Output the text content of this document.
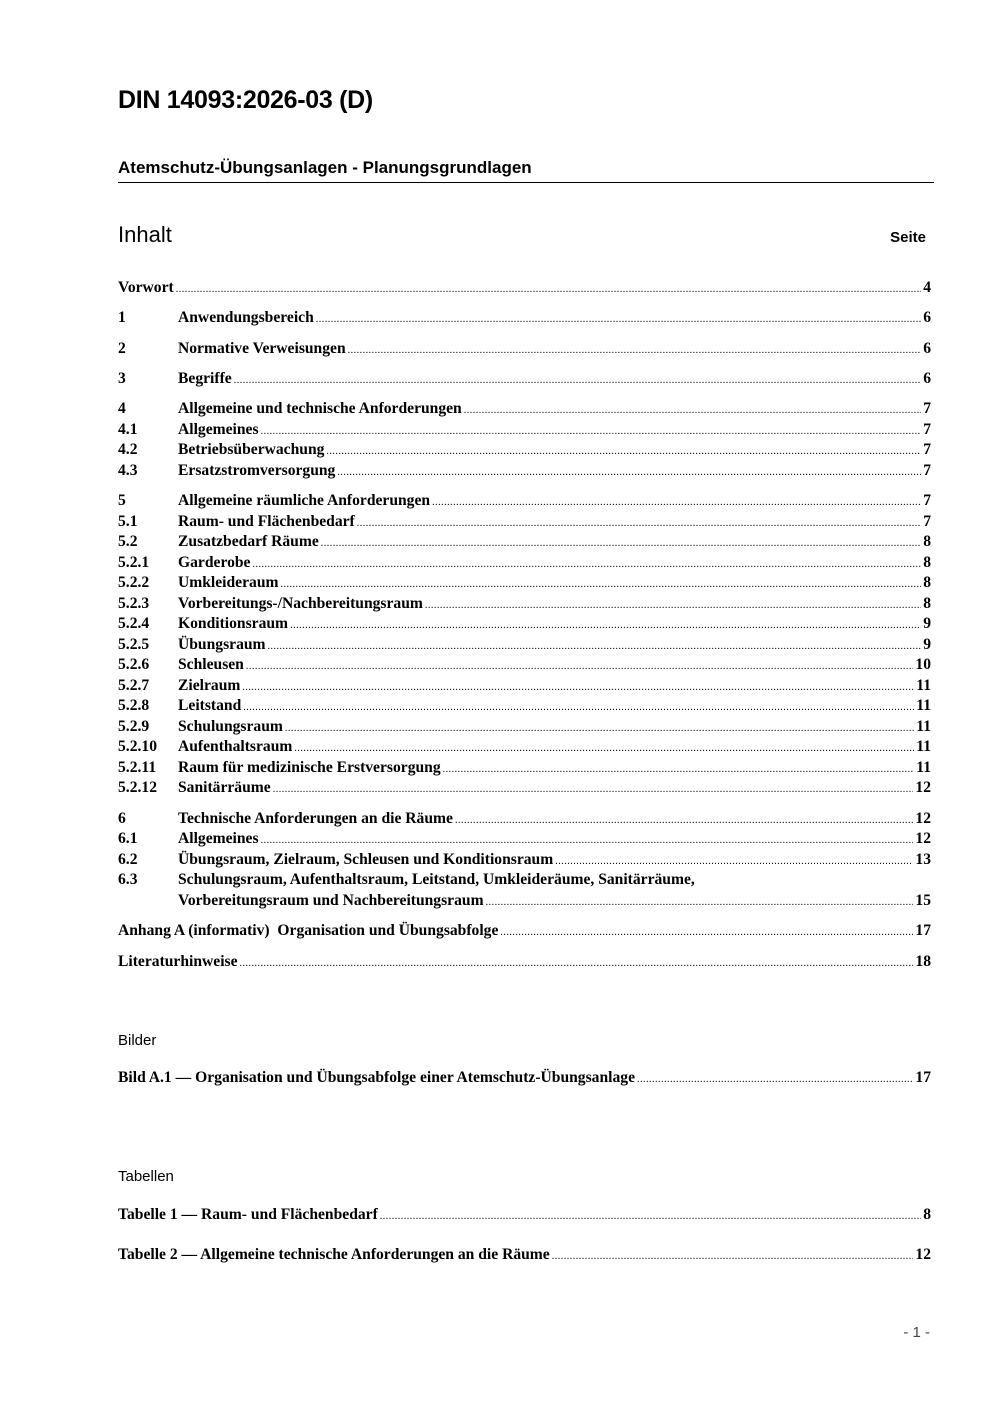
DIN 14093:2026-03 (D)
Atemschutz-Übungsanlagen - Planungsgrundlagen
Inhalt	Seite
Vorwort .....	4
1	Anwendungsbereich .....	6
2	Normative Verweisungen .....	6
3	Begriffe .....	6
4	Allgemeine und technische Anforderungen .....	7
4.1	Allgemeines .....	7
4.2	Betriebsüberwachung .....	7
4.3	Ersatzstromversorgung .....	7
5	Allgemeine räumliche Anforderungen .....	7
5.1	Raum- und Flächenbedarf .....	7
5.2	Zusatzbedarf Räume .....	8
5.2.1	Garderobe .....	8
5.2.2	Umkleideraum .....	8
5.2.3	Vorbereitungs-/Nachbereitungsraum .....	8
5.2.4	Konditionsraum .....	9
5.2.5	Übungsraum .....	9
5.2.6	Schleusen .....	10
5.2.7	Zielraum .....	11
5.2.8	Leitstand .....	11
5.2.9	Schulungsraum .....	11
5.2.10	Aufenthaltsraum .....	11
5.2.11	Raum für medizinische Erstversorgung .....	11
5.2.12	Sanitärräume .....	12
6	Technische Anforderungen an die Räume .....	12
6.1	Allgemeines .....	12
6.2	Übungsraum, Zielraum, Schleusen und Konditionsraum .....	13
6.3	Schulungsraum, Aufenthaltsraum, Leitstand, Umkleideräume, Sanitärräume,
Vorbereitungsraum und Nachbereitungsraum .....	15
Anhang A (informativ)  Organisation und Übungsabfolge .....	17
Literaturhinweise .....	18
Bilder
Bild A.1 — Organisation und Übungsabfolge einer Atemschutz-Übungsanlage .....	17
Tabellen
Tabelle 1 — Raum- und Flächenbedarf .....	8
Tabelle 2 — Allgemeine technische Anforderungen an die Räume .....	12
- 1 -
